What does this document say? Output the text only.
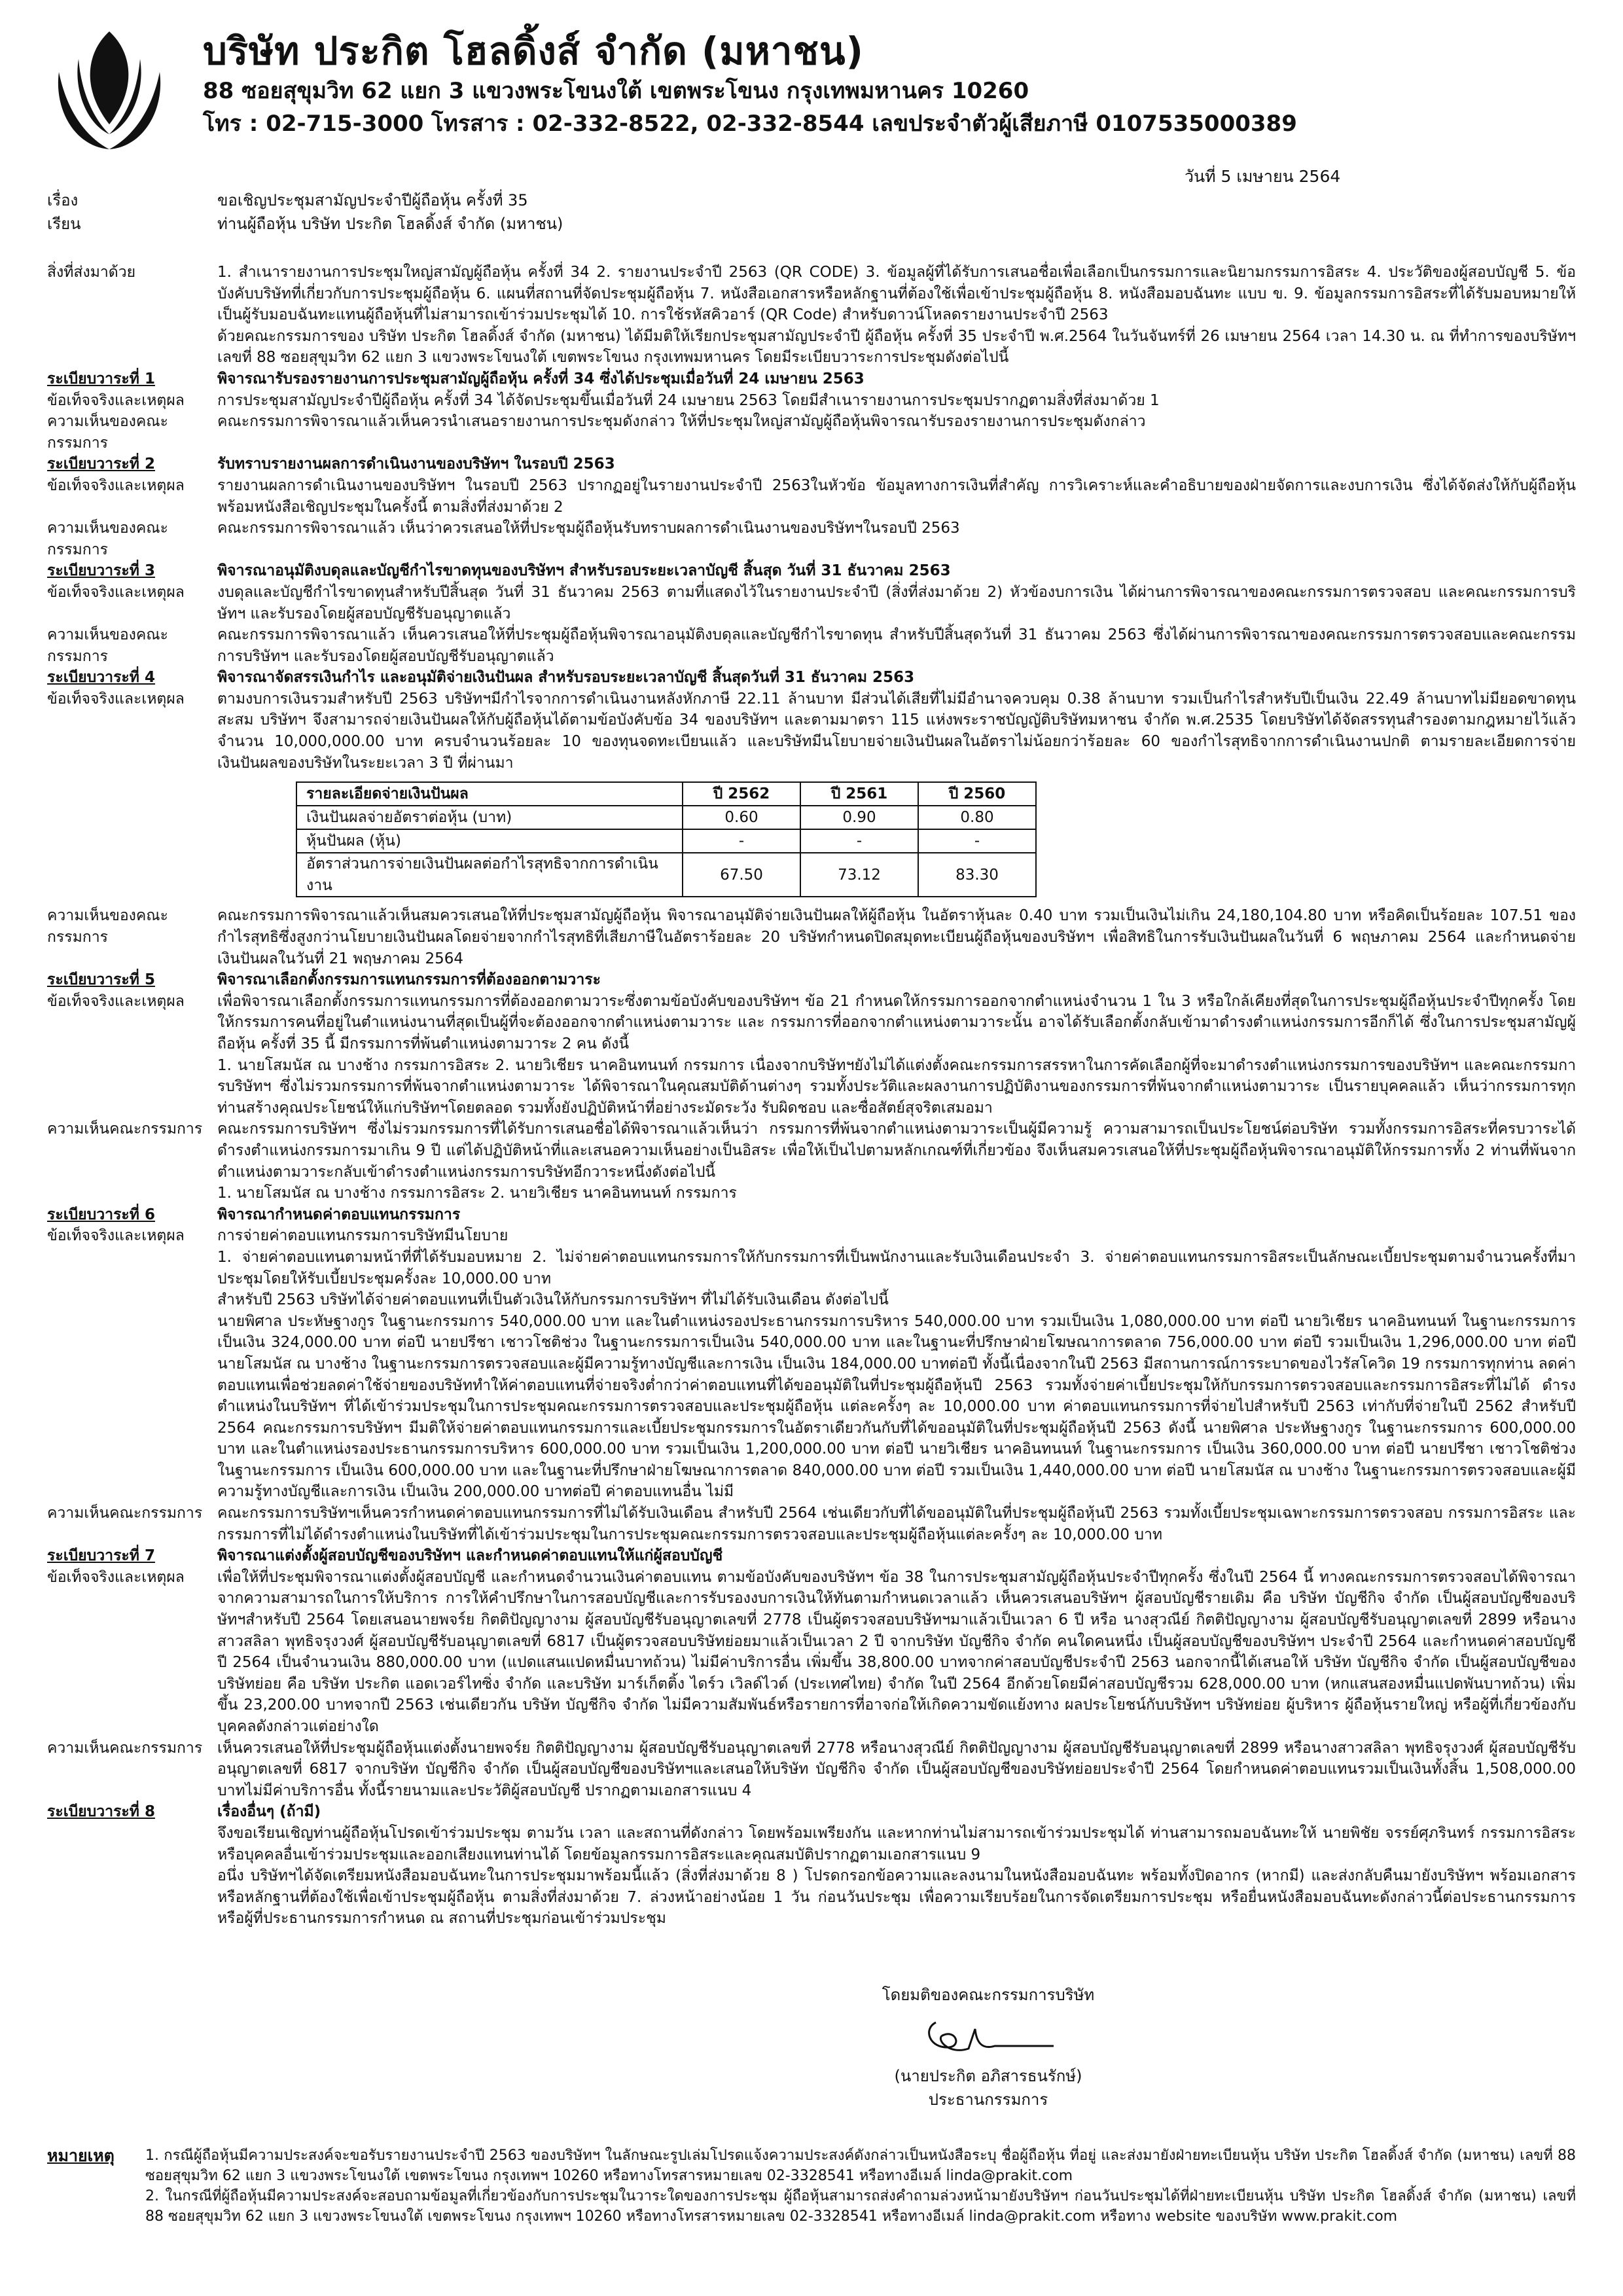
บริษัท ประกิต โฮลดิ้งส์ จำกัด (มหาชน)
88 ซอยสุขุมวิท 62 แยก 3 แขวงพระโขนงใต้ เขตพระโขนง กรุงเทพมหานคร 10260
โทร : 02-715-3000 โทรสาร : 02-332-8522, 02-332-8544 เลขประจำตัวผู้เสียภาษี 0107535000389
วันที่ 5 เมษายน 2564
เรื่อง	ขอเชิญประชุมสามัญประจำปีผู้ถือหุ้น ครั้งที่ 35
เรียน	ท่านผู้ถือหุ้น บริษัท ประกิต โฮลดิ้งส์ จำกัด (มหาชน)
สิ่งที่ส่งมาด้วย	1. สำเนารายงานการประชุมใหญ่สามัญผู้ถือหุ้น ครั้งที่ 34 2. รายงานประจำปี 2563 (QR CODE) 3. ข้อมูลผู้ที่ได้รับการเสนอชื่อเพื่อเลือกเป็นกรรมการและนิยามกรรมการอิสระ 4. ประวัติของผู้สอบบัญชี 5. ข้อบังคับบริษัทที่เกี่ยวกับการประชุมผู้ถือหุ้น 6. แผนที่สถานที่จัดประชุมผู้ถือหุ้น 7. หนังสือเอกสารหรือหลักฐานที่ต้องใช้เพื่อเข้าประชุมผู้ถือหุ้น 8. หนังสือมอบฉันทะ แบบ ข. 9. ข้อมูลกรรมการอิสระที่ได้รับมอบหมายให้เป็นผู้รับมอบฉันทะแทนผู้ถือหุ้นที่ไม่สามารถเข้าร่วมประชุมได้ 10. การใช้รหัสคิวอาร์ (QR Code) สำหรับดาวน์โหลดรายงานประจำปี 2563
ด้วยคณะกรรมการของ บริษัท ประกิต โฮลดิ้งส์ จำกัด (มหาชน) ได้มีมติให้เรียกประชุมสามัญประจำปี ผู้ถือหุ้น ครั้งที่ 35 ประจำปี พ.ศ.2564 ในวันจันทร์ที่ 26 เมษายน 2564 เวลา 14.30 น. ณ ที่ทำการของบริษัทฯ เลขที่ 88 ซอยสุขุมวิท 62 แยก 3 แขวงพระโขนงใต้ เขตพระโขนง กรุงเทพมหานคร โดยมีระเบียบวาระการประชุมดังต่อไปนี้
ระเบียบวาระที่ 1	พิจารณารับรองรายงานการประชุมสามัญผู้ถือหุ้น ครั้งที่ 34 ซึ่งได้ประชุมเมื่อวันที่ 24 เมษายน 2563
ข้อเท็จจริงและเหตุผล	การประชุมสามัญประจำปีผู้ถือหุ้น ครั้งที่ 34 ได้จัดประชุมขึ้นเมื่อวันที่ 24 เมษายน 2563 โดยมีสำเนารายงานการประชุมปรากฏตามสิ่งที่ส่งมาด้วย 1
ความเห็นของคณะกรรมการ
คณะกรรมการพิจารณาแล้วเห็นควรนำเสนอรายงานการประชุมดังกล่าว ให้ที่ประชุมใหญ่สามัญผู้ถือหุ้นพิจารณารับรองรายงานการประชุมดังกล่าว
ระเบียบวาระที่ 2	รับทราบรายงานผลการดำเนินงานของบริษัทฯ ในรอบปี 2563
ข้อเท็จจริงและเหตุผล	รายงานผลการดำเนินงานของบริษัทฯ ในรอบปี 2563 ปรากฏอยู่ในรายงานประจำปี 2563ในหัวข้อ ข้อมูลทางการเงินที่สำคัญ การวิเคราะห์และคำอธิบายของฝ่ายจัดการและงบการเงิน ซึ่งได้จัดส่งให้กับผู้ถือหุ้นพร้อมหนังสือเชิญประชุมในครั้งนี้ ตามสิ่งที่ส่งมาด้วย 2
ความเห็นของคณะกรรมการ
คณะกรรมการพิจารณาแล้ว เห็นว่าควรเสนอให้ที่ประชุมผู้ถือหุ้นรับทราบผลการดำเนินงานของบริษัทฯในรอบปี 2563
ระเบียบวาระที่ 3	พิจารณาอนุมัติงบดุลและบัญชีกำไรขาดทุนของบริษัทฯ สำหรับรอบระยะเวลาบัญชี สิ้นสุด วันที่ 31 ธันวาคม 2563
ข้อเท็จจริงและเหตุผล	งบดุลและบัญชีกำไรขาดทุนสำหรับปีสิ้นสุด วันที่ 31 ธันวาคม 2563 ตามที่แสดงไว้ในรายงานประจำปี (สิ่งที่ส่งมาด้วย 2) หัวข้องบการเงิน ได้ผ่านการพิจารณาของคณะกรรมการตรวจสอบ และคณะกรรมการบริษัทฯ และรับรองโดยผู้สอบบัญชีรับอนุญาตแล้ว
ความเห็นของคณะกรรมการ
คณะกรรมการพิจารณาแล้ว เห็นควรเสนอให้ที่ประชุมผู้ถือหุ้นพิจารณาอนุมัติงบดุลและบัญชีกำไรขาดทุน สำหรับปีสิ้นสุดวันที่ 31 ธันวาคม 2563 ซึ่งได้ผ่านการพิจารณาของคณะกรรมการตรวจสอบและคณะกรรมการบริษัทฯ และรับรองโดยผู้สอบบัญชีรับอนุญาตแล้ว
ระเบียบวาระที่ 4	พิจารณาจัดสรรเงินกำไร และอนุมัติจ่ายเงินปันผล สำหรับรอบระยะเวลาบัญชี สิ้นสุดวันที่ 31 ธันวาคม 2563
ข้อเท็จจริงและเหตุผล	ตามงบการเงินรวมสำหรับปี 2563 บริษัทฯมีกำไรจากการดำเนินงานหลังหักภาษี 22.11 ล้านบาท มีส่วนได้เสียที่ไม่มีอำนาจควบคุม 0.38 ล้านบาท รวมเป็นกำไรสำหรับปีเป็นเงิน 22.49 ล้านบาทไม่มียอดขาดทุนสะสม บริษัทฯ จึงสามารถจ่ายเงินปันผลให้กับผู้ถือหุ้นได้ตามข้อบังคับข้อ 34 ของบริษัทฯ และตามมาตรา 115 แห่งพระราชบัญญัติบริษัทมหาชน จำกัด พ.ศ.2535 โดยบริษัทได้จัดสรรทุนสำรองตามกฎหมายไว้แล้วจำนวน 10,000,000.00 บาท ครบจำนวนร้อยละ 10 ของทุนจดทะเบียนแล้ว และบริษัทมีนโยบายจ่ายเงินปันผลในอัตราไม่น้อยกว่าร้อยละ 60 ของกำไรสุทธิจากการดำเนินงานปกติ ตามรายละเอียดการจ่ายเงินปันผลของบริษัทในระยะเวลา 3 ปี ที่ผ่านมา
รายละเอียดจ่ายเงินปันผล	ปี 2562	ปี 2561	ปี 2560
เงินปันผลจ่ายอัตราต่อหุ้น (บาท)	0.60	0.90	0.80
หุ้นปันผล (หุ้น)	-	-	-
อัตราส่วนการจ่ายเงินปันผลต่อกำไรสุทธิจากการดำเนินงาน	67.50	73.12	83.30
ความเห็นของคณะกรรมการ
คณะกรรมการพิจารณาแล้วเห็นสมควรเสนอให้ที่ประชุมสามัญผู้ถือหุ้น พิจารณาอนุมัติจ่ายเงินปันผลให้ผู้ถือหุ้น ในอัตราหุ้นละ 0.40 บาท รวมเป็นเงินไม่เกิน 24,180,104.80 บาท หรือคิดเป็นร้อยละ 107.51 ของกำไรสุทธิซึ่งสูงกว่านโยบายเงินปันผลโดยจ่ายจากกำไรสุทธิที่เสียภาษีในอัตราร้อยละ 20 บริษัทกำหนดปิดสมุดทะเบียนผู้ถือหุ้นของบริษัทฯ เพื่อสิทธิในการรับเงินปันผลในวันที่ 6 พฤษภาคม 2564 และกำหนดจ่ายเงินปันผลในวันที่ 21 พฤษภาคม 2564
ระเบียบวาระที่ 5	พิจารณาเลือกตั้งกรรมการแทนกรรมการที่ต้องออกตามวาระ
ข้อเท็จจริงและเหตุผล	เพื่อพิจารณาเลือกตั้งกรรมการแทนกรรมการที่ต้องออกตามวาระซึ่งตามข้อบังคับของบริษัทฯ ข้อ 21 กำหนดให้กรรมการออกจากตำแหน่งจำนวน 1 ใน 3 หรือใกล้เคียงที่สุดในการประชุมผู้ถือหุ้นประจำปีทุกครั้ง โดยให้กรรมการคนที่อยู่ในตำแหน่งนานที่สุดเป็นผู้ที่จะต้องออกจากตำแหน่งตามวาระ และ กรรมการที่ออกจากตำแหน่งตามวาระนั้น อาจได้รับเลือกตั้งกลับเข้ามาดำรงตำแหน่งกรรมการอีกก็ได้ ซึ่งในการประชุมสามัญผู้ถือหุ้น ครั้งที่ 35 นี้ มีกรรมการที่พ้นตำแหน่งตามวาระ 2 คน ดังนี้
1. นายโสมนัส ณ บางช้าง กรรมการอิสระ 2. นายวิเชียร นาคอินทนนท์ กรรมการ เนื่องจากบริษัทฯยังไม่ได้แต่งตั้งคณะกรรมการสรรหาในการคัดเลือกผู้ที่จะมาดำรงตำแหน่งกรรมการของบริษัทฯ และคณะกรรมการบริษัทฯ ซึ่งไม่รวมกรรมการที่พ้นจากตำแหน่งตามวาระ ได้พิจารณาในคุณสมบัติด้านต่างๆ รวมทั้งประวัติและผลงานการปฏิบัติงานของกรรมการที่พ้นจากตำแหน่งตามวาระ เป็นรายบุคคลแล้ว เห็นว่ากรรมการทุกท่านสร้างคุณประโยชน์ให้แก่บริษัทฯโดยตลอด รวมทั้งยังปฏิบัติหน้าที่อย่างระมัดระวัง รับผิดชอบ และซื่อสัตย์สุจริตเสมอมา
ความเห็นคณะกรรมการ คณะกรรมการบริษัทฯ ซึ่งไม่รวมกรรมการที่ได้รับการเสนอชื่อได้พิจารณาแล้วเห็นว่า กรรมการที่พ้นจากตำแหน่งตามวาระเป็นผู้มีความรู้ ความสามารถเป็นประโยชน์ต่อบริษัท รวมทั้งกรรมการอิสระที่ครบวาระได้ดำรงตำแหน่งกรรมการมาเกิน 9 ปี แต่ได้ปฏิบัติหน้าที่และเสนอความเห็นอย่างเป็นอิสระ เพื่อให้เป็นไปตามหลักเกณฑ์ที่เกี่ยวข้อง จึงเห็นสมควรเสนอให้ที่ประชุมผู้ถือหุ้นพิจารณาอนุมัติให้กรรมการทั้ง 2 ท่านที่พ้นจากตำแหน่งตามวาระกลับเข้าดำรงตำแหน่งกรรมการบริษัทอีกวาระหนึ่งดังต่อไปนี้
1. นายโสมนัส ณ บางช้าง กรรมการอิสระ 2. นายวิเชียร นาคอินทนนท์ กรรมการ
ระเบียบวาระที่ 6	พิจารณากำหนดค่าตอบแทนกรรมการ
ข้อเท็จจริงและเหตุผล	การจ่ายค่าตอบแทนกรรมการบริษัทมีนโยบาย
1. จ่ายค่าตอบแทนตามหน้าที่ที่ได้รับมอบหมาย 2. ไม่จ่ายค่าตอบแทนกรรมการให้กับกรรมการที่เป็นพนักงานและรับเงินเดือนประจำ 3. จ่ายค่าตอบแทนกรรมการอิสระเป็นลักษณะเบี้ยประชุมตามจำนวนครั้งที่มาประชุมโดยให้รับเบี้ยประชุมครั้งละ 10,000.00 บาท
สำหรับปี 2563 บริษัทได้จ่ายค่าตอบแทนที่เป็นตัวเงินให้กับกรรมการบริษัทฯ ที่ไม่ได้รับเงินเดือน ดังต่อไปนี้
นายพิศาล ประหัษฐางกูร ในฐานะกรรมการ 540,000.00 บาท และในตำแหน่งรองประธานกรรมการบริหาร 540,000.00 บาท รวมเป็นเงิน 1,080,000.00 บาท ต่อปี นายวิเชียร นาคอินทนนท์ ในฐานะกรรมการ เป็นเงิน 324,000.00 บาท ต่อปี นายปรีชา เชาวโชติช่วง ในฐานะกรรมการเป็นเงิน 540,000.00 บาท และในฐานะที่ปรึกษาฝ่ายโฆษณาการตลาด 756,000.00 บาท ต่อปี รวมเป็นเงิน 1,296,000.00 บาท ต่อปี นายโสมนัส ณ บางช้าง ในฐานะกรรมการตรวจสอบและผู้มีความรู้ทางบัญชีและการเงิน เป็นเงิน 184,000.00 บาทต่อปี ทั้งนี้เนื่องจากในปี 2563 มีสถานการณ์การระบาดของไวรัสโควิด 19 กรรมการทุกท่าน ลดค่าตอบแทนเพื่อช่วยลดค่าใช้จ่ายของบริษัททำให้ค่าตอบแทนที่จ่ายจริงต่ำกว่าค่าตอบแทนที่ได้ขออนุมัติในที่ประชุมผู้ถือหุ้นปี 2563 รวมทั้งจ่ายค่าเบี้ยประชุมให้กับกรรมการตรวจสอบและกรรมการอิสระที่ไม่ได้ ดำรงตำแหน่งในบริษัทฯ ที่ได้เข้าร่วมประชุมในการประชุมคณะกรรมการตรวจสอบและประชุมผู้ถือหุ้น แต่ละครั้งๆ ละ 10,000.00 บาท ค่าตอบแทนกรรมการที่จ่ายไปสำหรับปี 2563 เท่ากับที่จ่ายในปี 2562 สำหรับปี 2564 คณะกรรมการบริษัทฯ มีมติให้จ่ายค่าตอบแทนกรรมการและเบี้ยประชุมกรรมการในอัตราเดียวกันกับที่ได้ขออนุมัติในที่ประชุมผู้ถือหุ้นปี 2563 ดังนี้ นายพิศาล ประหัษฐางกูร ในฐานะกรรมการ 600,000.00 บาท และในตำแหน่งรองประธานกรรมการบริหาร 600,000.00 บาท รวมเป็นเงิน 1,200,000.00 บาท ต่อปี นายวิเชียร นาคอินทนนท์ ในฐานะกรรมการ เป็นเงิน 360,000.00 บาท ต่อปี นายปรีชา เชาวโชติช่วง ในฐานะกรรมการ เป็นเงิน 600,000.00 บาท และในฐานะที่ปรึกษาฝ่ายโฆษณาการตลาด 840,000.00 บาท ต่อปี รวมเป็นเงิน 1,440,000.00 บาท ต่อปี นายโสมนัส ณ บางช้าง ในฐานะกรรมการตรวจสอบและผู้มีความรู้ทางบัญชีและการเงิน เป็นเงิน 200,000.00 บาทต่อปี ค่าตอบแทนอื่น ไม่มี
ความเห็นคณะกรรมการ คณะกรรมการบริษัทฯเห็นควรกำหนดค่าตอบแทนกรรมการที่ไม่ได้รับเงินเดือน สำหรับปี 2564 เช่นเดียวกับที่ได้ขออนุมัติในที่ประชุมผู้ถือหุ้นปี 2563 รวมทั้งเบี้ยประชุมเฉพาะกรรมการตรวจสอบ กรรมการอิสระ และกรรมการที่ไม่ได้ดำรงตำแหน่งในบริษัทที่ได้เข้าร่วมประชุมในการประชุมคณะกรรมการตรวจสอบและประชุมผู้ถือหุ้นแต่ละครั้งๆ ละ 10,000.00 บาท
ระเบียบวาระที่ 7	พิจารณาแต่งตั้งผู้สอบบัญชีของบริษัทฯ และกำหนดค่าตอบแทนให้แก่ผู้สอบบัญชี
ข้อเท็จจริงและเหตุผล	เพื่อให้ที่ประชุมพิจารณาแต่งตั้งผู้สอบบัญชี และกำหนดจำนวนเงินค่าตอบแทน ตามข้อบังคับของบริษัทฯ ข้อ 38 ในการประชุมสามัญผู้ถือหุ้นประจำปีทุกครั้ง ซึ่งในปี 2564 นี้ ทางคณะกรรมการตรวจสอบได้พิจารณาจากความสามารถในการให้บริการ การให้คำปรึกษาในการสอบบัญชีและการรับรองงบการเงินให้ทันตามกำหนดเวลาแล้ว เห็นควรเสนอบริษัทฯ ผู้สอบบัญชีรายเดิม คือ บริษัท บัญชีกิจ จำกัด เป็นผู้สอบบัญชีของบริษัทฯสำหรับปี 2564 โดยเสนอนายพจร์ย กิตติปัญญางาม ผู้สอบบัญชีรับอนุญาตเลขที่ 2778 เป็นผู้ตรวจสอบบริษัทฯมาแล้วเป็นเวลา 6 ปี หรือ นางสุวณีย์ กิตติปัญญางาม ผู้สอบบัญชีรับอนุญาตเลขที่ 2899 หรือนางสาวสลิลา พุทธิจรุงวงศ์ ผู้สอบบัญชีรับอนุญาตเลขที่ 6817 เป็นผู้ตรวจสอบบริษัทย่อยมาแล้วเป็นเวลา 2 ปี จากบริษัท บัญชีกิจ จำกัด คนใดคนหนึ่ง เป็นผู้สอบบัญชีของบริษัทฯ ประจำปี 2564 และกำหนดค่าสอบบัญชี ปี 2564 เป็นจำนวนเงิน 880,000.00 บาท (แปดแสนแปดหมื่นบาทถ้วน) ไม่มีค่าบริการอื่น เพิ่มขึ้น 38,800.00 บาทจากค่าสอบบัญชีประจำปี 2563 นอกจากนี้ได้เสนอให้ บริษัท บัญชีกิจ จำกัด เป็นผู้สอบบัญชีของบริษัทย่อย คือ บริษัท ประกิต แอดเวอร์ไทซิ่ง จำกัด และบริษัท มาร์เก็ตติ้ง ไดร์ว เวิลด์ไวด์ (ประเทศไทย) จำกัด ในปี 2564 อีกด้วยโดยมีค่าสอบบัญชีรวม 628,000.00 บาท (หกแสนสองหมื่นแปดพันบาทถ้วน) เพิ่มขึ้น 23,200.00 บาทจากปี 2563 เช่นเดียวกัน บริษัท บัญชีกิจ จำกัด ไม่มีความสัมพันธ์หรือรายการที่อาจก่อให้เกิดความขัดแย้งทาง ผลประโยชน์กับบริษัทฯ บริษัทย่อย ผู้บริหาร ผู้ถือหุ้นรายใหญ่ หรือผู้ที่เกี่ยวข้องกับบุคคลดังกล่าวแต่อย่างใด
ความเห็นคณะกรรมการ เห็นควรเสนอให้ที่ประชุมผู้ถือหุ้นแต่งตั้งนายพจร์ย กิตติปัญญางาม ผู้สอบบัญชีรับอนุญาตเลขที่ 2778 หรือนางสุวณีย์ กิตติปัญญางาม ผู้สอบบัญชีรับอนุญาตเลขที่ 2899 หรือนางสาวสลิลา พุทธิจรุงวงศ์ ผู้สอบบัญชีรับอนุญาตเลขที่ 6817 จากบริษัท บัญชีกิจ จำกัด เป็นผู้สอบบัญชีของบริษัทฯและเสนอให้บริษัท บัญชีกิจ จำกัด เป็นผู้สอบบัญชีของบริษัทย่อยประจำปี 2564 โดยกำหนดค่าตอบแทนรวมเป็นเงินทั้งสิ้น 1,508,000.00 บาทไม่มีค่าบริการอื่น ทั้งนี้รายนามและประวัติผู้สอบบัญชี ปรากฏตามเอกสารแนบ 4
ระเบียบวาระที่ 8	เรื่องอื่นๆ (ถ้ามี)
จึงขอเรียนเชิญท่านผู้ถือหุ้นโปรดเข้าร่วมประชุม ตามวัน เวลา และสถานที่ดังกล่าว โดยพร้อมเพรียงกัน และหากท่านไม่สามารถเข้าร่วมประชุมได้ ท่านสามารถมอบฉันทะให้ นายพิชัย จรรย์ศุภรินทร์ กรรมการอิสระ หรือบุคคลอื่นเข้าร่วมประชุมและออกเสียงแทนท่านได้ โดยข้อมูลกรรมการอิสระและคุณสมบัติปรากฏตามเอกสารแนบ 9
อนึ่ง บริษัทฯได้จัดเตรียมหนังสือมอบฉันทะในการประชุมมาพร้อมนี้แล้ว (สิ่งที่ส่งมาด้วย 8 ) โปรดกรอกข้อความและลงนามในหนังสือมอบฉันทะ พร้อมทั้งปิดอากร (หากมี) และส่งกลับคืนมายังบริษัทฯ พร้อมเอกสารหรือหลักฐานที่ต้องใช้เพื่อเข้าประชุมผู้ถือหุ้น ตามสิ่งที่ส่งมาด้วย 7. ล่วงหน้าอย่างน้อย 1 วัน ก่อนวันประชุม เพื่อความเรียบร้อยในการจัดเตรียมการประชุม หรือยื่นหนังสือมอบฉันทะดังกล่าวนี้ต่อประธานกรรมการหรือผู้ที่ประธานกรรมการกำหนด ณ สถานที่ประชุมก่อนเข้าร่วมประชุม
โดยมติของคณะกรรมการบริษัท
(นายประกิต อภิสารธนรักษ์)
ประธานกรรมการ
หมายเหตุ	1. กรณีผู้ถือหุ้นมีความประสงค์จะขอรับรายงานประจำปี 2563 ของบริษัทฯ ในลักษณะรูปเล่มโปรดแจ้งความประสงค์ดังกล่าวเป็นหนังสือระบุ ชื่อผู้ถือหุ้น ที่อยู่ และส่งมายังฝ่ายทะเบียนหุ้น บริษัท ประกิต โฮลดิ้งส์ จำกัด (มหาชน) เลขที่ 88 ซอยสุขุมวิท 62 แยก 3 แขวงพระโขนงใต้ เขตพระโขนง กรุงเทพฯ 10260 หรือทางโทรสารหมายเลข 02-3328541 หรือทางอีเมล์ linda@prakit.com
2. ในกรณีที่ผู้ถือหุ้นมีความประสงค์จะสอบถามข้อมูลที่เกี่ยวข้องกับการประชุมในวาระใดของการประชุม ผู้ถือหุ้นสามารถส่งคำถามล่วงหน้ามายังบริษัทฯ ก่อนวันประชุมได้ที่ฝ่ายทะเบียนหุ้น บริษัท ประกิต โฮลดิ้งส์ จำกัด (มหาชน) เลขที่ 88 ซอยสุขุมวิท 62 แยก 3 แขวงพระโขนงใต้ เขตพระโขนง กรุงเทพฯ 10260 หรือทางโทรสารหมายเลข 02-3328541 หรือทางอีเมล์ linda@prakit.com หรือทาง website ของบริษัท www.prakit.com
